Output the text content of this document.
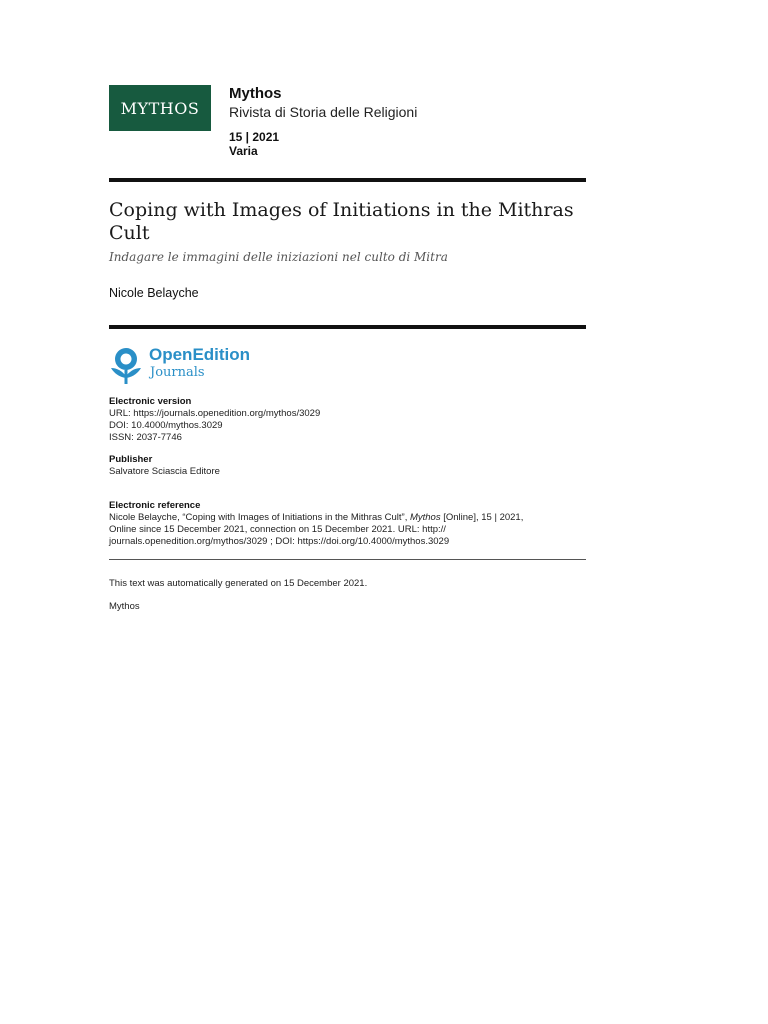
MYTHOS
Mythos
Rivista di Storia delle Religioni
15 | 2021
Varia
Coping with Images of Initiations in the Mithras Cult
Indagare le immagini delle iniziazioni nel culto di Mitra
Nicole Belayche
OpenEdition
Journals
Electronic version
URL: https://journals.openedition.org/mythos/3029
DOI: 10.4000/mythos.3029
ISSN: 2037-7746
Publisher
Salvatore Sciascia Editore
Electronic reference
Nicole Belayche, “Coping with Images of Initiations in the Mithras Cult”, Mythos [Online], 15 | 2021,
Online since 15 December 2021, connection on 15 December 2021. URL: http://
journals.openedition.org/mythos/3029 ; DOI: https://doi.org/10.4000/mythos.3029
This text was automatically generated on 15 December 2021.
Mythos
